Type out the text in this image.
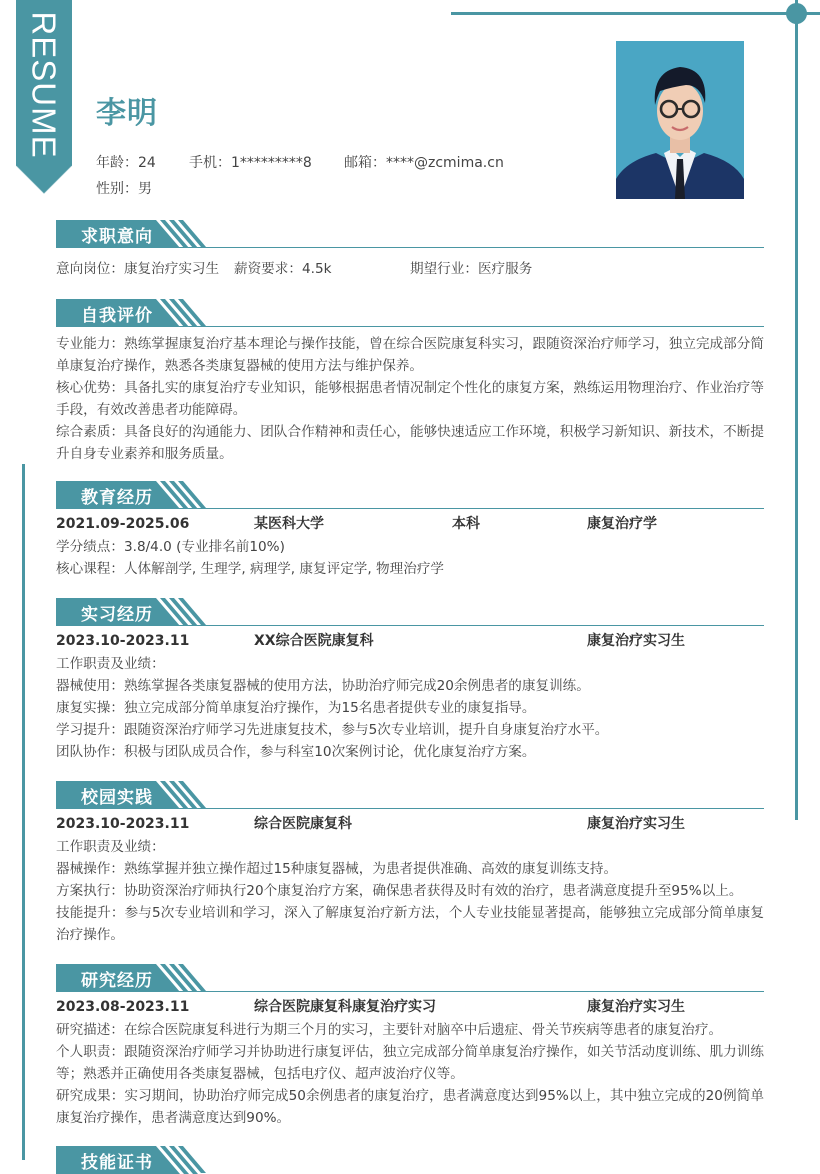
RESUME 李明
年龄：24	手机：1*********8	邮箱：****@zcmima.cn
性别：男
求职意向
意向岗位：康复治疗实习生	薪资要求：4.5k	期望行业：医疗服务
自我评价

专业能力：熟练掌握康复治疗基本理论与操作技能，曾在综合医院康复科实习，跟随资深治疗师学习，独立完成部分简单康复治疗操作，熟悉各类康复器械的使用方法与维护保养。

核心优势：具备扎实的康复治疗专业知识，能够根据患者情况制定个性化的康复方案，熟练运用物理治疗、作业治疗等手段，有效改善患者功能障碍。

综合素质：具备良好的沟通能力、团队合作精神和责任心，能够快速适应工作环境，积极学习新知识、新技术，不断提升自身专业素养和服务质量。

教育经历
2021.09-2025.06	某医科大学	本科	康复治疗学

学分绩点：3.8/4.0 (专业排名前10%)

核心课程：人体解剖学, 生理学, 病理学, 康复评定学, 物理治疗学

实习经历
2023.10-2023.11	XX综合医院康复科	康复治疗实习生

工作职责及业绩：

器械使用：熟练掌握各类康复器械的使用方法，协助治疗师完成20余例患者的康复训练。

康复实操：独立完成部分简单康复治疗操作，为15名患者提供专业的康复指导。

学习提升：跟随资深治疗师学习先进康复技术，参与5次专业培训，提升自身康复治疗水平。

团队协作：积极与团队成员合作，参与科室10次案例讨论，优化康复治疗方案。

校园实践
2023.10-2023.11	综合医院康复科	康复治疗实习生

工作职责及业绩：

器械操作：熟练掌握并独立操作超过15种康复器械，为患者提供准确、高效的康复训练支持。

方案执行：协助资深治疗师执行20个康复治疗方案，确保患者获得及时有效的治疗，患者满意度提升至95%以上。

技能提升：参与5次专业培训和学习，深入了解康复治疗新方法，个人专业技能显著提高，能够独立完成部分简单康复治疗操作。

研究经历
2023.08-2023.11	综合医院康复科康复治疗实习	康复治疗实习生

研究描述：在综合医院康复科进行为期三个月的实习，主要针对脑卒中后遗症、骨关节疾病等患者的康复治疗。

个人职责：跟随资深治疗师学习并协助进行康复评估，独立完成部分简单康复治疗操作，如关节活动度训练、肌力训练等；熟悉并正确使用各类康复器械，包括电疗仪、超声波治疗仪等。

研究成果：实习期间，协助治疗师完成50余例患者的康复治疗，患者满意度达到95%以上，其中独立完成的20例简单康复治疗操作，患者满意度达到90%。

技能证书
